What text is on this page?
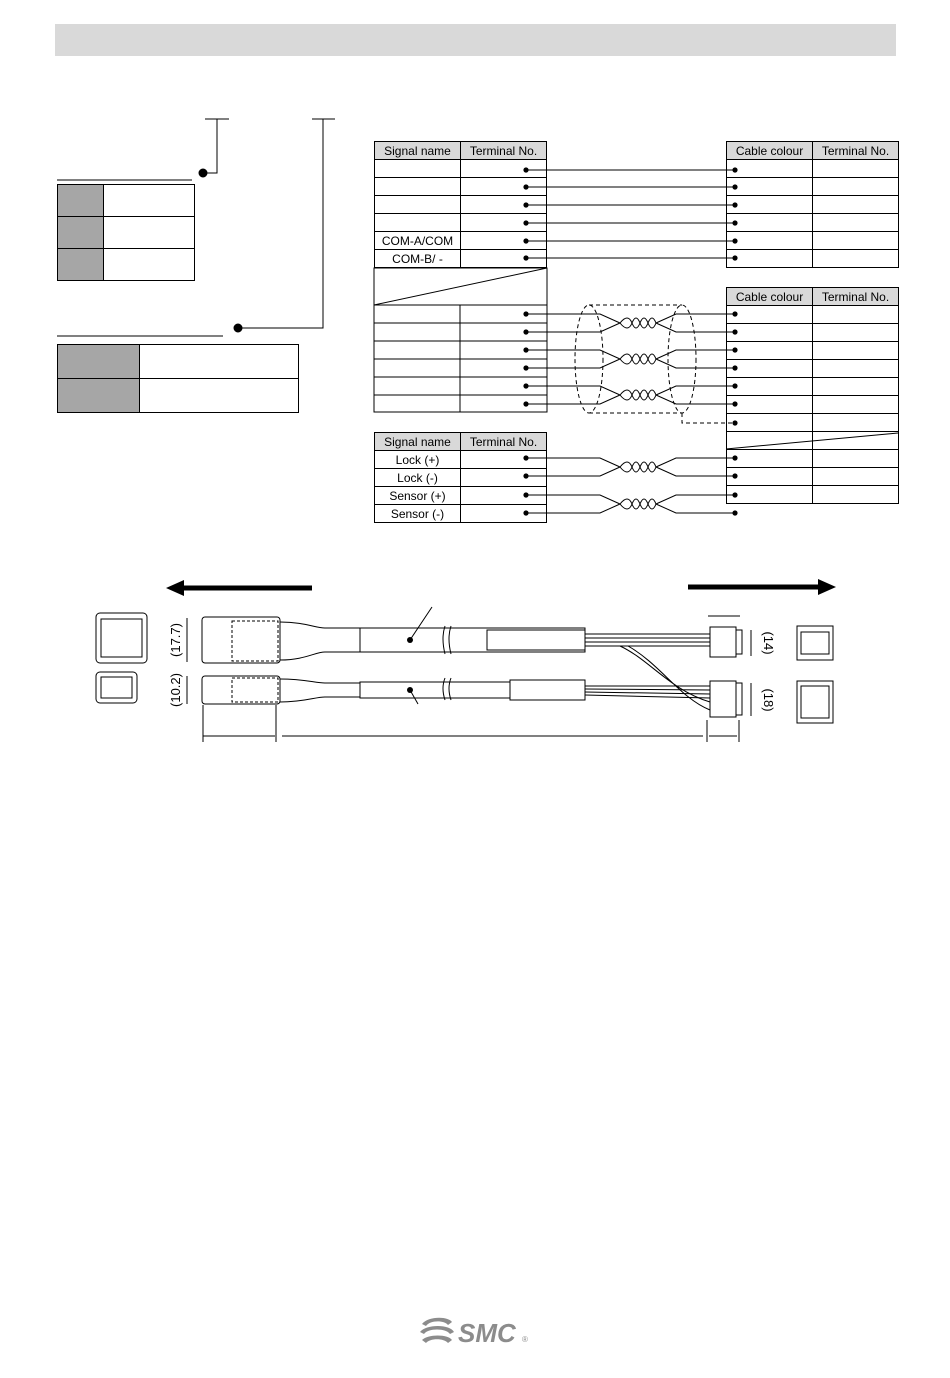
Signal name	Terminal No.

COM-A/COM	
COM-B/ -	
Signal name	Terminal No.
Lock (+)	
Lock (-)	
Sensor (+)	
Sensor (-)	
Cable colour	Terminal No.

Cable colour	Terminal No.

(17.7)
(10.2)
(14)
(18)
SMC ®
